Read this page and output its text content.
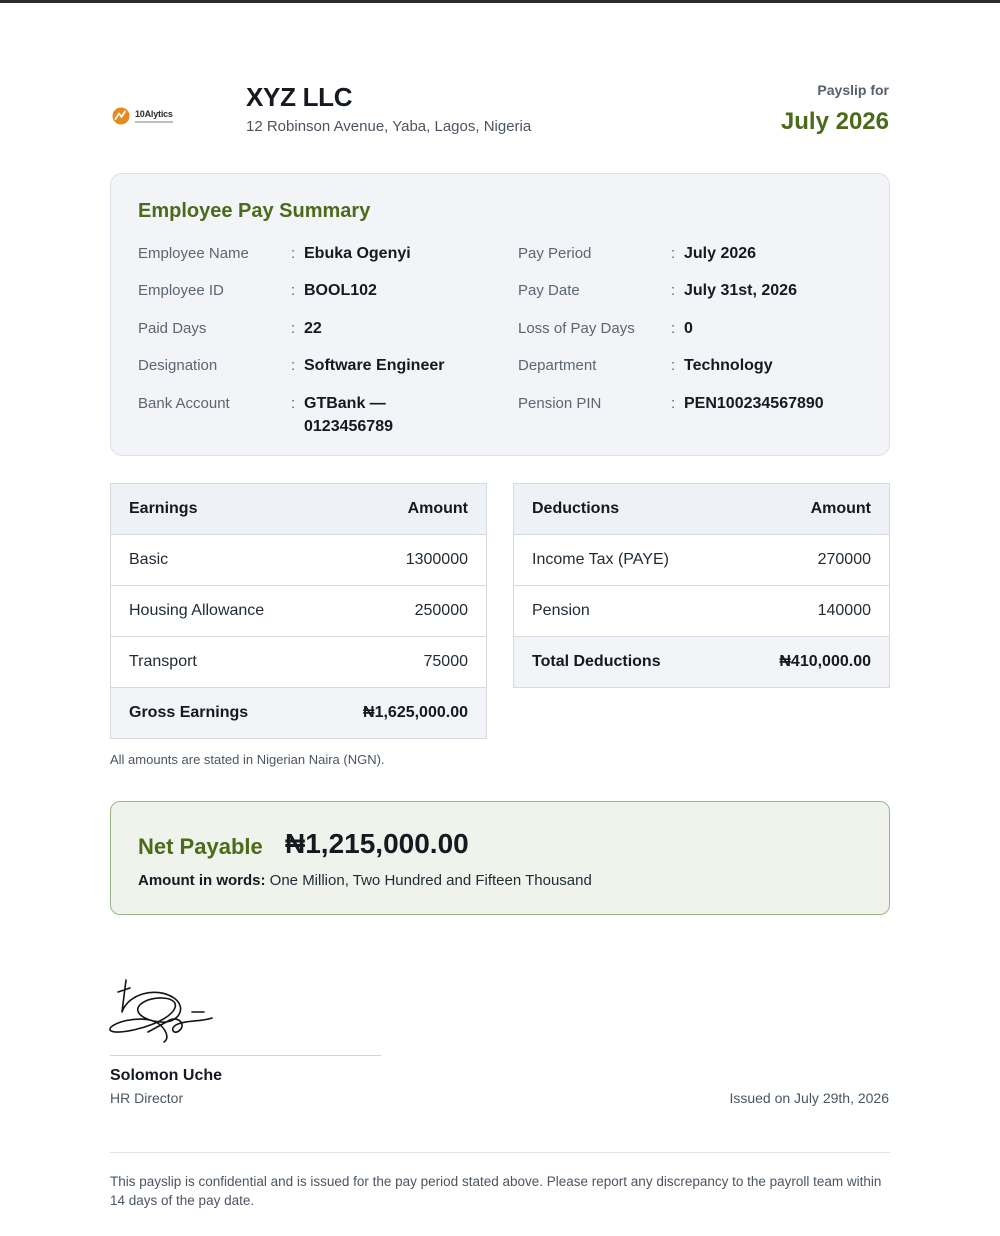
10Alytics
XYZ LLC
12 Robinson Avenue, Yaba, Lagos, Nigeria
Payslip for
July 2026
Employee Pay Summary
Employee Name	: Ebuka Ogenyi
Employee ID	: BOOL102
Paid Days	: 22
Designation	: Software Engineer
Bank Account	: GTBank —
0123456789
Pay Period	: July 2026
Pay Date	: July 31st, 2026
Loss of Pay Days : 0
Department	: Technology
Pension PIN	: PEN100234567890
Earnings	Amount
Basic	1300000
Housing Allowance	250000
Transport	75000
Gross Earnings	₦1,625,000.00
Deductions	Amount
Income Tax (PAYE)	270000
Pension	140000
Total Deductions	₦410,000.00
All amounts are stated in Nigerian Naira (NGN).
Net Payable ₦1,215,000.00
Amount in words: One Million, Two Hundred and Fifteen Thousand
Solomon Uche
HR Director	Issued on July 29th, 2026
This payslip is confidential and is issued for the pay period stated above. Please report any discrepancy to the payroll team within 14 days of the pay date.
